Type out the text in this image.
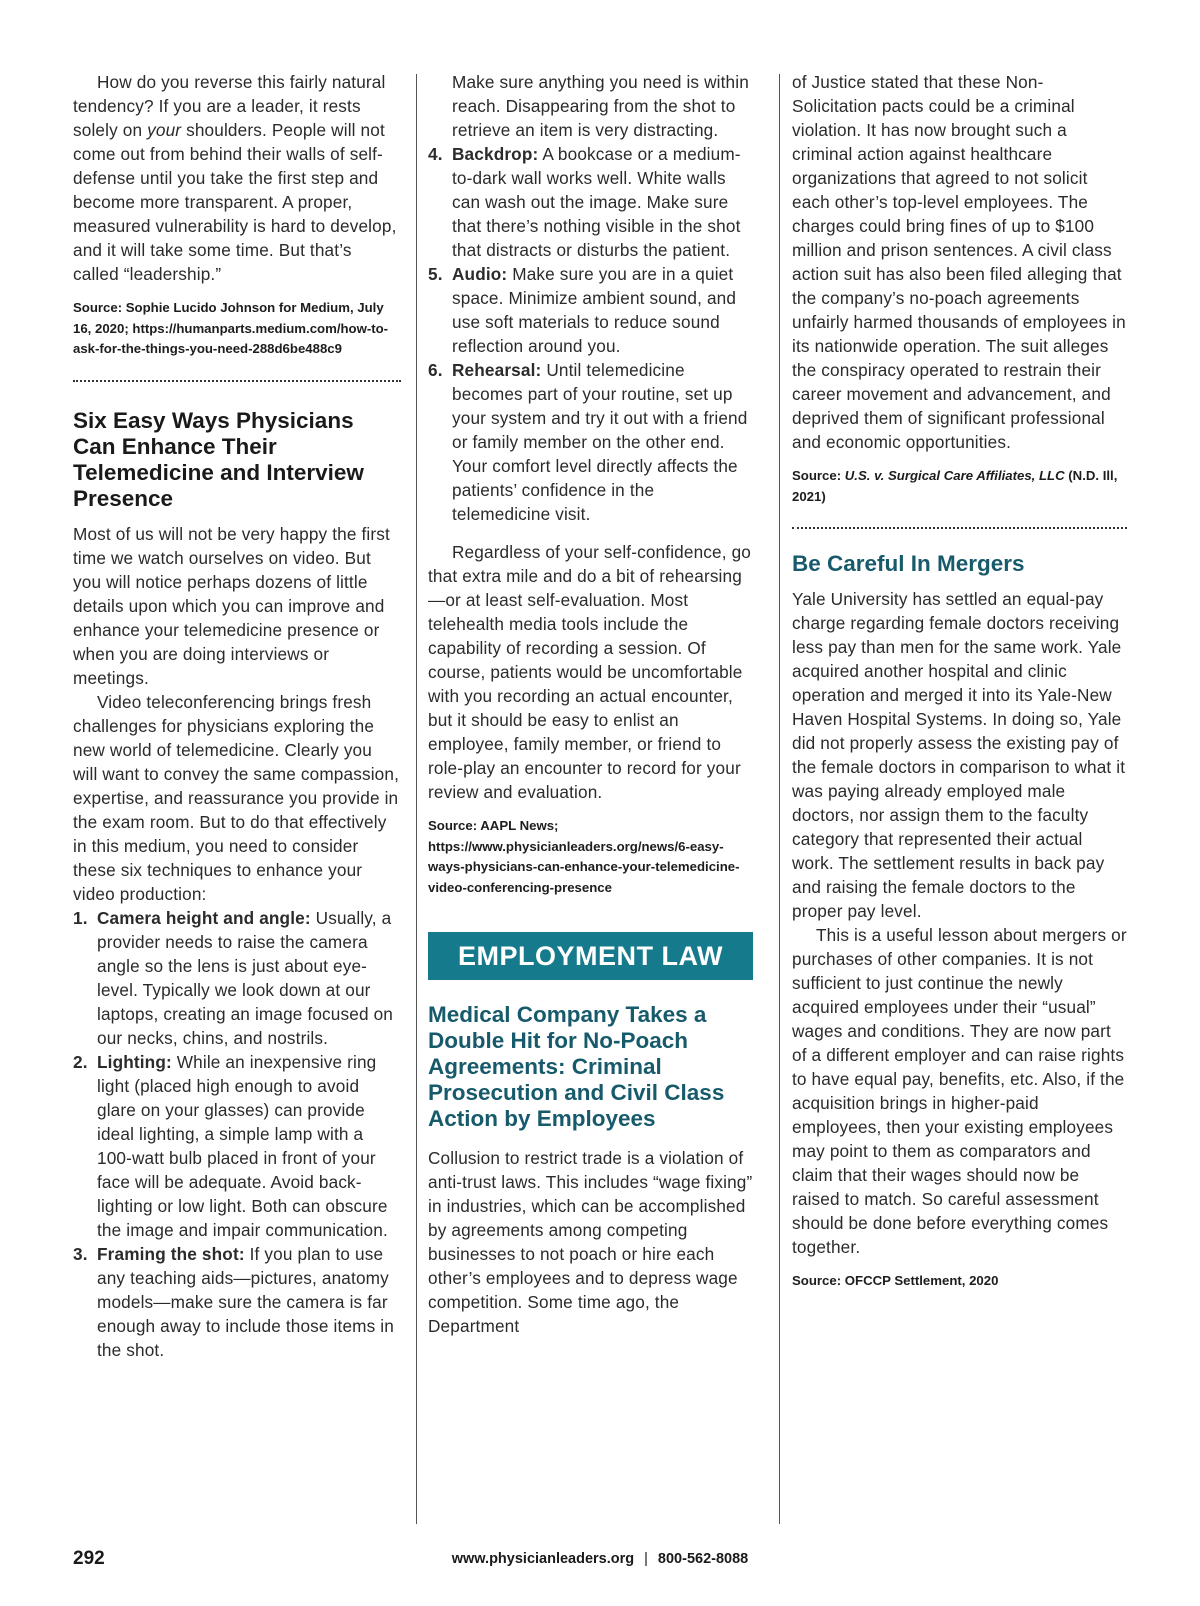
How do you reverse this fairly natural tendency? If you are a leader, it rests solely on your shoulders. People will not come out from behind their walls of self-defense until you take the first step and become more transparent. A proper, measured vulnerability is hard to develop, and it will take some time. But that’s called “leadership.”

Source: Sophie Lucido Johnson for Medium, July 16, 2020; https://humanparts.medium.com/how-to-ask-for-the-things-you-need-288d6be488c9
Six Easy Ways Physicians Can Enhance Their Telemedicine and Interview Presence

Most of us will not be very happy the first time we watch ourselves on video. But you will notice perhaps dozens of little details upon which you can improve and enhance your telemedicine presence or when you are doing interviews or meetings.

Video teleconferencing brings fresh challenges for physicians exploring the new world of telemedicine. Clearly you will want to convey the same compassion, expertise, and reassurance you provide in the exam room. But to do that effectively in this medium, you need to consider these six techniques to enhance your video production:

1. Camera height and angle: Usually, a provider needs to raise the camera angle so the lens is just about eye-level. Typically we look down at our laptops, creating an image focused on our necks, chins, and nostrils.
2. Lighting: While an inexpensive ring light (placed high enough to avoid glare on your glasses) can provide ideal lighting, a simple lamp with a 100-watt bulb placed in front of your face will be adequate. Avoid back-lighting or low light. Both can obscure the image and impair communication.
3. Framing the shot: If you plan to use any teaching aids—pictures, anatomy models—make sure the camera is far enough away to include those items in the shot.
Make sure anything you need is within reach. Disappearing from the shot to retrieve an item is very distracting.
4. Backdrop: A bookcase or a medium-to-dark wall works well. White walls can wash out the image. Make sure that there’s nothing visible in the shot that distracts or disturbs the patient.
5. Audio: Make sure you are in a quiet space. Minimize ambient sound, and use soft materials to reduce sound reflection around you.
6. Rehearsal: Until telemedicine becomes part of your routine, set up your system and try it out with a friend or family member on the other end. Your comfort level directly affects the patients’ confidence in the telemedicine visit.

Regardless of your self-confidence, go that extra mile and do a bit of rehearsing—or at least self-evaluation. Most telehealth media tools include the capability of recording a session. Of course, patients would be uncomfortable with you recording an actual encounter, but it should be easy to enlist an employee, family member, or friend to role-play an encounter to record for your review and evaluation.

Source: AAPL News; https://www.physicianleaders.org/news/6-easy-ways-physicians-can-enhance-your-telemedicine-video-conferencing-presence
EMPLOYMENT LAW
Medical Company Takes a Double Hit for No-Poach Agreements: Criminal Prosecution and Civil Class Action by Employees

Collusion to restrict trade is a violation of anti-trust laws. This includes “wage fixing” in industries, which can be accomplished by agreements among competing businesses to not poach or hire each other’s employees and to depress wage competition. Some time ago, the Department

of Justice stated that these Non-Solicitation pacts could be a criminal violation. It has now brought such a criminal action against healthcare organizations that agreed to not solicit each other’s top-level employees. The charges could bring fines of up to $100 million and prison sentences. A civil class action suit has also been filed alleging that the company’s no-poach agreements unfairly harmed thousands of employees in its nationwide operation. The suit alleges the conspiracy operated to restrain their career movement and advancement, and deprived them of significant professional and economic opportunities.

Source: U.S. v. Surgical Care Affiliates, LLC (N.D. Ill, 2021)
Be Careful In Mergers

Yale University has settled an equal-pay charge regarding female doctors receiving less pay than men for the same work. Yale acquired another hospital and clinic operation and merged it into its Yale-New Haven Hospital Systems. In doing so, Yale did not properly assess the existing pay of the female doctors in comparison to what it was paying already employed male doctors, nor assign them to the faculty category that represented their actual work. The settlement results in back pay and raising the female doctors to the proper pay level.

This is a useful lesson about mergers or purchases of other companies. It is not sufficient to just continue the newly acquired employees under their “usual” wages and conditions. They are now part of a different employer and can raise rights to have equal pay, benefits, etc. Also, if the acquisition brings in higher-paid employees, then your existing employees may point to them as comparators and claim that their wages should now be raised to match. So careful assessment should be done before everything comes together.

Source: OFCCP Settlement, 2020
292	www.physicianleaders.org | 800-562-8088
